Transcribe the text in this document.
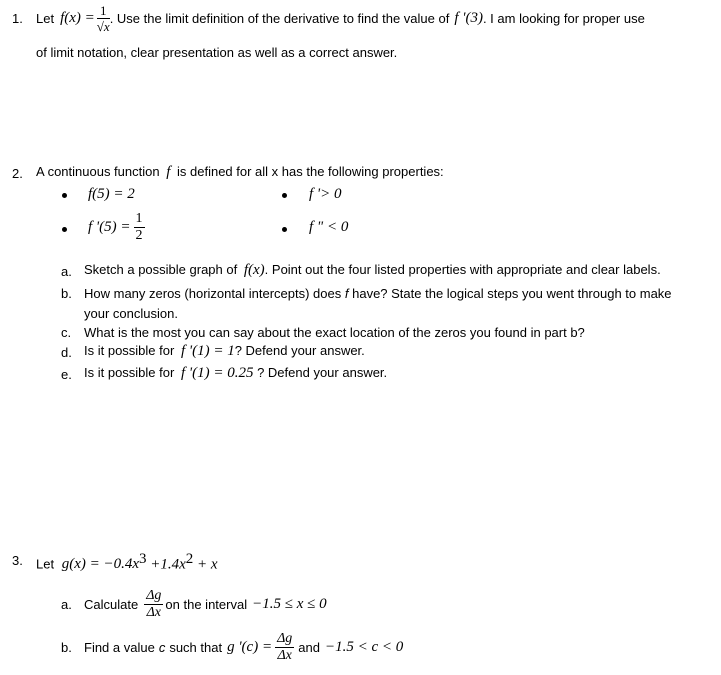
1. Let $f(x) = \frac{1}{√x}$ . Use the limit definition of the derivative to find the value of f '(3) . I am looking for proper use
of limit notation, clear presentation as well as a correct answer.
2. A continuous function f is defined for all x has the following properties:
f(5) = 2	f '> 0
f '$(5) = \frac{1}{2}$	f " < 0
a. Sketch a possible graph of f(x). Point out the four listed properties with appropriate and clear labels.
b. How many zeros (horizontal intercepts) does f have? State the logical steps you went through to make
your conclusion.
c. What is the most you can say about the exact location of the zeros you found in part b?
d. Is it possible for f '(1) = 1? Defend your answer.
e. Is it possible for f '(1) = 0.25 ? Defend your answer.
3. Let $g(x) = -0.4x^3 +1.4x^2 + x$
a. Calculate $\frac{\Delta g}{\Delta x}$ on the interval −1.5 ≤ x ≤ 0
b. Find a value c such that g '$(c) = \frac{\Delta g}{\Delta x}$ and −1.5 < c < 0
